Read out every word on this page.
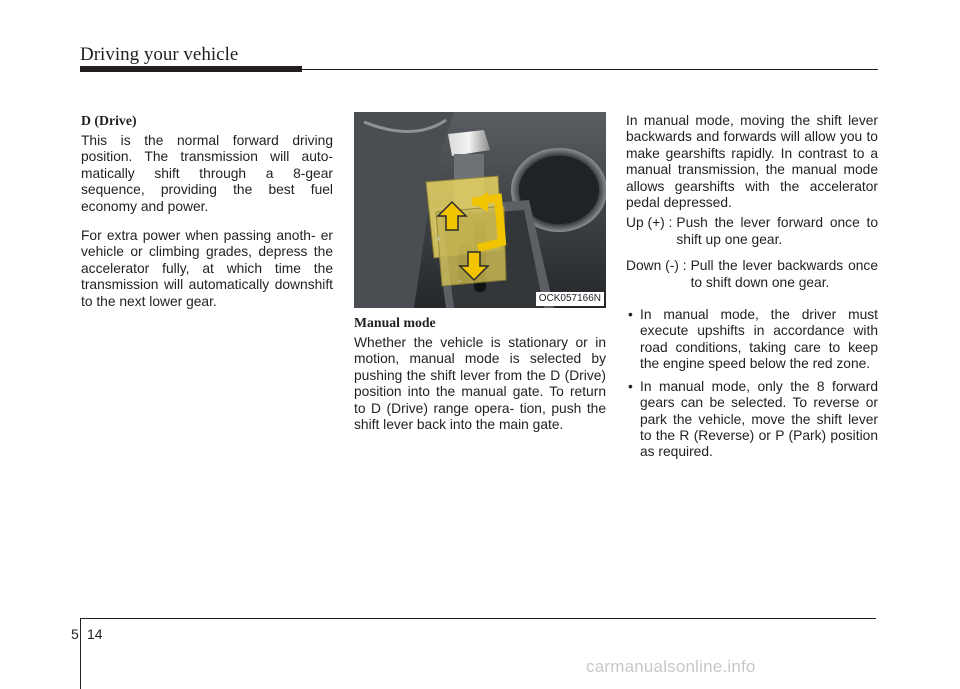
Driving your vehicle
D (Drive)

This is the normal forward driving position. The transmission will auto- matically shift through a 8-gear sequence, providing the best fuel economy and power.

For extra power when passing anoth- er vehicle or climbing grades, depress the accelerator fully, at which time the transmission will automatically downshift to the next lower gear.

+
-
OCK057166N
Manual mode

Whether the vehicle is stationary or in motion, manual mode is selected by pushing the shift lever from the D (Drive) position into the manual gate. To return to D (Drive) range opera- tion, push the shift lever back into the main gate.

In manual mode, moving the shift lever backwards and forwards will allow you to make gearshifts rapidly. In contrast to a manual transmission, the manual mode allows gearshifts with the accelerator pedal depressed.

Up (+) : Push the lever forward once to shift up one gear.
Down (-) : Pull the lever backwards once to shift down one gear.
• In manual mode, the driver must execute upshifts in accordance with road conditions, taking care to keep the engine speed below the red zone.
• In manual mode, only the 8 forward gears can be selected. To reverse or park the vehicle, move the shift lever to the R (Reverse) or P (Park) position as required.
5 14
carmanualsonline.info
